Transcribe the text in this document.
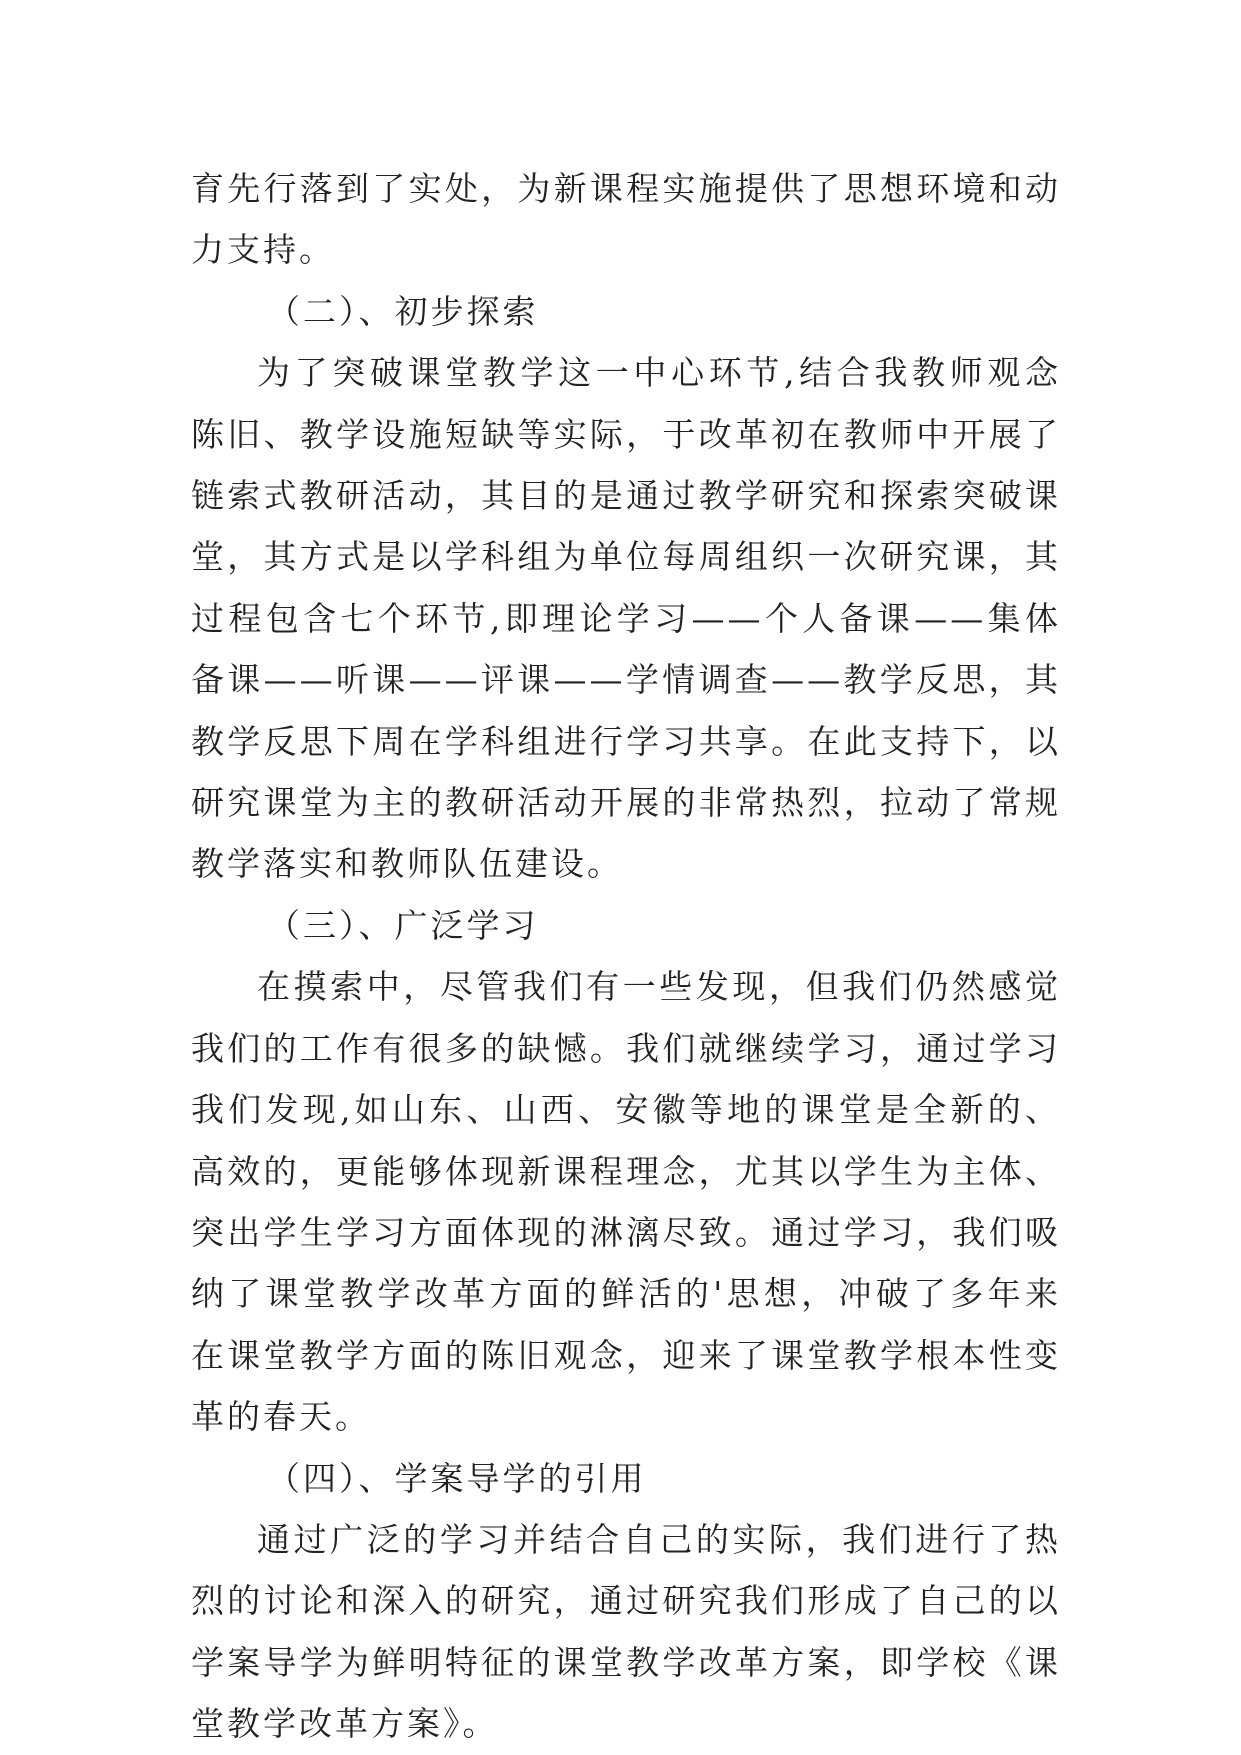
育先行落到了实处，为新课程实施提供了思想环境和动力支持。

（二）、初步探索

为了突破课堂教学这一中心环节,结合我教师观念陈旧、教学设施短缺等实际，于改革初在教师中开展了链索式教研活动，其目的是通过教学研究和探索突破课堂，其方式是以学科组为单位每周组织一次研究课，其过程包含七个环节,即理论学习——个人备课——集体备课——听课——评课——学情调查——教学反思，其教学反思下周在学科组进行学习共享。在此支持下，以研究课堂为主的教研活动开展的非常热烈，拉动了常规教学落实和教师队伍建设。

（三）、广泛学习

在摸索中，尽管我们有一些发现，但我们仍然感觉我们的工作有很多的缺憾。我们就继续学习，通过学习我们发现,如山东、山西、安徽等地的课堂是全新的、高效的，更能够体现新课程理念，尤其以学生为主体、突出学生学习方面体现的淋漓尽致。通过学习，我们吸纳了课堂教学改革方面的鲜活的'思想，冲破了多年来在课堂教学方面的陈旧观念，迎来了课堂教学根本性变革的春天。

（四）、学案导学的引用

通过广泛的学习并结合自己的实际，我们进行了热烈的讨论和深入的研究，通过研究我们形成了自己的以学案导学为鲜明特征的课堂教学改革方案，即学校《课堂教学改革方案》。
